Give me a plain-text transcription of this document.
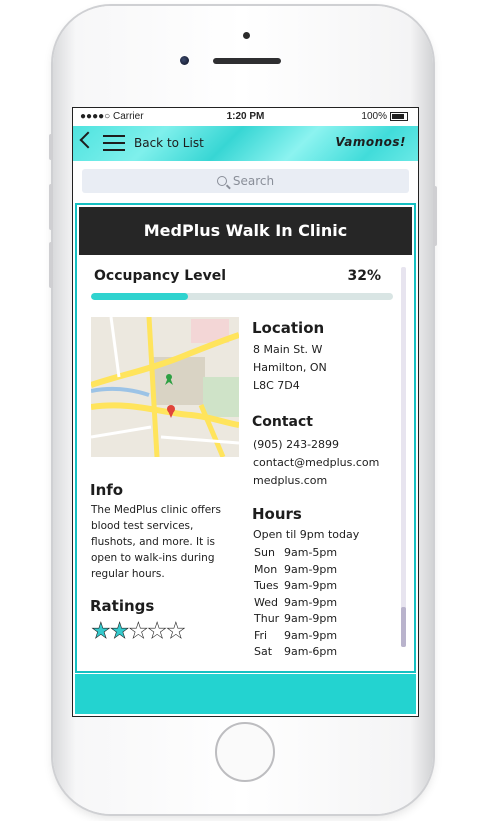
●●●●○ Carrier	1:20 PM	100%
Back to List	Vamonos!
Search
MedPlus Walk In Clinic
Occupancy Level	32%
Location
8 Main St. W
Hamilton, ON
L8C 7D4
Contact
(905) 243-2899
contact@medplus.com
medplus.com
Info
The MedPlus clinic offers blood test services, flushots, and more. It is open to walk-ins during regular hours.
Ratings
★★★★★
Hours
Open til 9pm today
Sun 9am-5pm
Mon 9am-9pm
Tues 9am-9pm
Wed 9am-9pm
Thur 9am-9pm
Fri 9am-9pm
Sat 9am-6pm
